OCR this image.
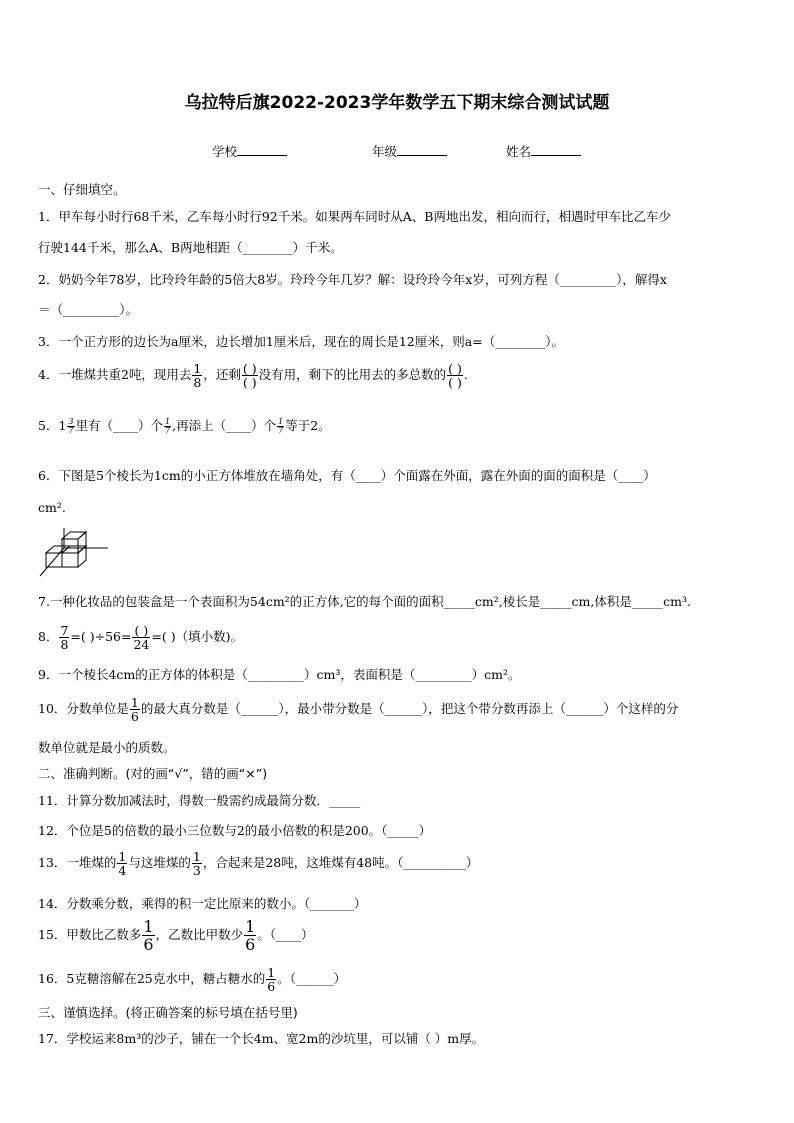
乌拉特后旗2022-2023学年数学五下期末综合测试试题
学校	年级	姓名
一、仔细填空。
1．甲车每小时行68千米，乙车每小时行92千米。如果两车同时从A、B两地出发，相向而行，相遇时甲车比乙车少
行驶144千米，那么A、B两地相距（________）千米。
2．奶奶今年78岁，比玲玲年龄的5倍大8岁。玲玲今年几岁？解：设玲玲今年x岁，可列方程（_________），解得x
＝（_________）。
3．一个正方形的边长为a厘米，边长增加1厘米后，现在的周长是12厘米，则a=（________）。
4．一堆煤共重2吨，现用去 $\frac{1}{8}$ ，还剩 ( )
( )
没有用，剩下的比用去的多总数的 ( )
( )
.
5．$1 \frac{3}{7}$ 里有（____）个 $\frac{1}{7}$ ,再添上（____）个 $\frac{1}{7}$ 等于2。
6．下图是5个棱长为1cm的小正方体堆放在墙角处，有（____）个面露在外面，露在外面的面的面积是（____）
cm².
7.一种化妆品的包装盒是一个表面积为54cm²的正方体,它的每个面的面积_____cm²,棱长是_____cm,体积是_____cm³.
8． $\frac{7}{8}$ =( )÷56= ( )
24
=( )（填小数)。
9．一个棱长4cm的正方体的体积是（_________）cm³，表面积是（_________）cm²。
10．分数单位是 $\frac{1}{6}$ 的最大真分数是（______），最小带分数是（______），把这个带分数再添上（______）个这样的分
数单位就是最小的质数。
二、准确判断。(对的画“√”，错的画“×”)
11．计算分数加减法时，得数一般需约成最简分数．_____
12．个位是5的倍数的最小三位数与2的最小倍数的积是200。（_____）
13．一堆煤的 $\frac{1}{4}$ 与这堆煤的 $\frac{1}{3}$ ，合起来是28吨，这堆煤有48吨。（__________）
14．分数乘分数，乘得的积一定比原来的数小。（_______）
15．甲数比乙数多 $\frac{1}{6}$ ，乙数比甲数少 $\frac{1}{6}$ 。（____）
16．5克糖溶解在25克水中，糖占糖水的 $\frac{1}{6}$ 。（______）
三、谨慎选择。(将正确答案的标号填在括号里)
17．学校运来8m³的沙子，铺在一个长4m、宽2m的沙坑里，可以铺（ ）m厚。
